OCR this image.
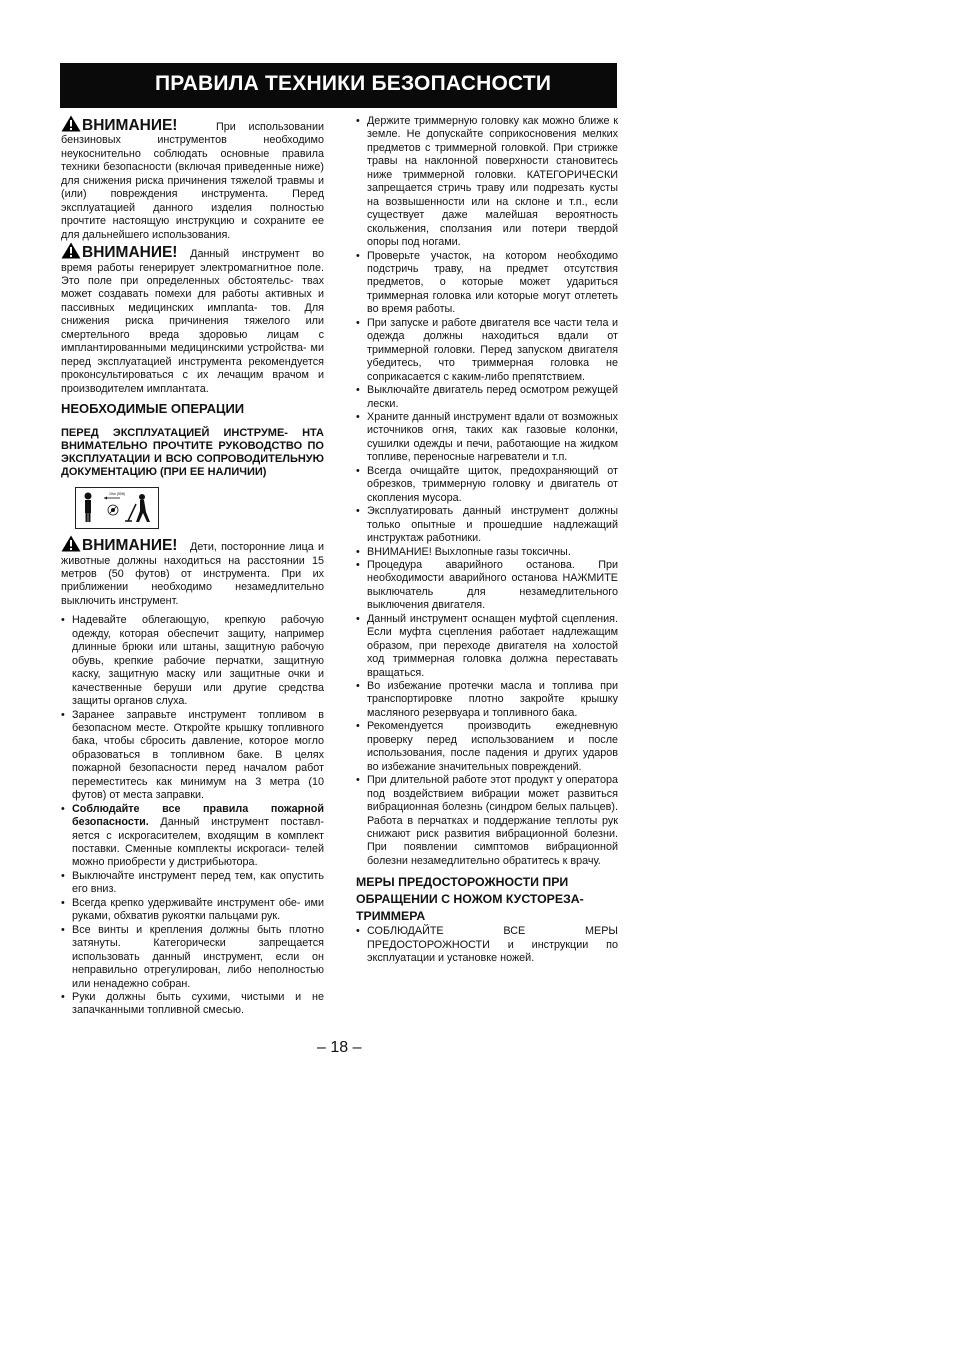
ПРАВИЛА ТЕХНИКИ БЕЗОПАСНОСТИ

ВНИМАНИЕ!	При использовании бензиновых инструментов необходимо неукоснительно соблюдать основные правила техники безопасности (включая приведенные ниже) для снижения риска причинения тяжелой травмы и (или) повреждения инструмента. Перед эксплуатацией данного изделия полностью прочтите настоящую инструкцию и сохраните ее для дальнейшего использования.

ВНИМАНИЕ! Данный инструмент во время работы генерирует электромагнитное поле. Это поле при определенных обстоятельс- твах может создавать помехи для работы активных и пассивных медицинских имплanta- тов. Для снижения риска причинения тяжелого или смертельного вреда здоровью лицам с имплантированными медицинскими устройства- ми перед эксплуатацией инструмента рекомендуется проконсультироваться с их лечащим врачом и производителем имплантата.

НЕОБХОДИМЫЕ ОПЕРАЦИИ

ПЕРЕД ЭКСПЛУАТАЦИЕЙ ИНСТРУМЕ- НТА ВНИМАТЕЛЬНО ПРОЧТИТЕ РУКОВОДСТВО ПО ЭКСПЛУАТАЦИИ И ВСЮ СОПРОВОДИТЕЛЬНУЮ ДОКУМЕНТАЦИЮ (ПРИ ЕЕ НАЛИЧИИ)

15m (50ft)

ВНИМАНИЕ! Дети, посторонние лица и животные должны находиться на расстоянии 15 метров (50 футов) от инструмента. При их приближении необходимо незамедлительно выключить инструмент.

• Надевайте облегающую, крепкую рабочую одежду, которая обеспечит защиту, например длинные брюки или штаны, защитную рабочую обувь, крепкие рабочие перчатки, защитную каску, защитную маску или защитные очки и качественные беруши или другие средства защиты органов слуха.
• Заранее заправьте инструмент топливом в безопасном месте. Откройте крышку топливного бака, чтобы сбросить давление, которое могло образоваться в топливном баке. В целях пожарной безопасности перед началом работ переместитесь как минимум на 3 метра (10 футов) от места заправки.
• Соблюдайте все правила пожарной безопасности. Данный инструмент поставл- яется с искрогасителем, входящим в комплект поставки. Сменные комплекты искрогаси- телей можно приобрести у дистрибьютора.
• Выключайте инструмент перед тем, как опустить его вниз.
• Всегда крепко удерживайте инструмент обе- ими руками, обхватив рукоятки пальцами рук.
• Все винты и крепления должны быть плотно затянуты. Категорически запрещается использовать данный инструмент, если он неправильно отрегулирован, либо неполностью или ненадежно собран.
• Руки должны быть сухими, чистыми и не запачканными топливной смесью.
• Держите триммерную головку как можно ближе к земле. Не допускайте соприкосновения мелких предметов с триммерной головкой. При стрижке травы на наклонной поверхности становитесь ниже триммерной головки. КАТЕГОРИЧЕСКИ запрещается стричь траву или подрезать кусты на возвышенности или на склоне и т.п., если существует даже малейшая вероятность скольжения, сползания или потери твердой опоры под ногами.
• Проверьте участок, на котором необходимо подстричь траву, на предмет отсутствия предметов, о которые может удариться триммерная головка или которые могут отлететь во время работы.
• При запуске и работе двигателя все части тела и одежда должны находиться вдали от триммерной головки. Перед запуском двигателя убедитесь, что триммерная головка не соприкасается с каким-либо препятствием.
• Выключайте двигатель перед осмотром режущей лески.
• Храните данный инструмент вдали от возможных источников огня, таких как газовые колонки, сушилки одежды и печи, работающие на жидком топливе, переносные нагреватели и т.п.
• Всегда очищайте щиток, предохраняющий от обрезков, триммерную головку и двигатель от скопления мусора.
• Эксплуатировать данный инструмент должны только опытные и прошедшие надлежащий инструктаж работники.
• ВНИМАНИЕ! Выхлопные газы токсичны.
• Процедура аварийного останова. При необходимости аварийного останова НАЖМИТЕ выключатель для незамедлительного выключения двигателя.
• Данный инструмент оснащен муфтой сцепления. Если муфта сцепления работает надлежащим образом, при переходе двигателя на холостой ход триммерная головка должна переставать вращаться.
• Во избежание протечки масла и топлива при транспортировке плотно закройте крышку масляного резервуара и топливного бака.
• Рекомендуется производить ежедневную проверку перед использованием и после использования, после падения и других ударов во избежание значительных повреждений.
• При длительной работе этот продукт у оператора под воздействием вибрации может развиться вибрационная болезнь (синдром белых пальцев). Работа в перчатках и поддержание теплоты рук снижают риск развития вибрационной болезни. При появлении симптомов вибрационной болезни незамедлительно обратитесь к врачу.
МЕРЫ ПРЕДОСТОРОЖНОСТИ ПРИ ОБРАЩЕНИИ С НОЖОМ КУСТОРЕЗА- ТРИММЕРА
• СОБЛЮДАЙТЕ ВСЕ МЕРЫ ПРЕДОСТОРОЖНОСТИ и инструкции по эксплуатации и установке ножей.
– 18 –
